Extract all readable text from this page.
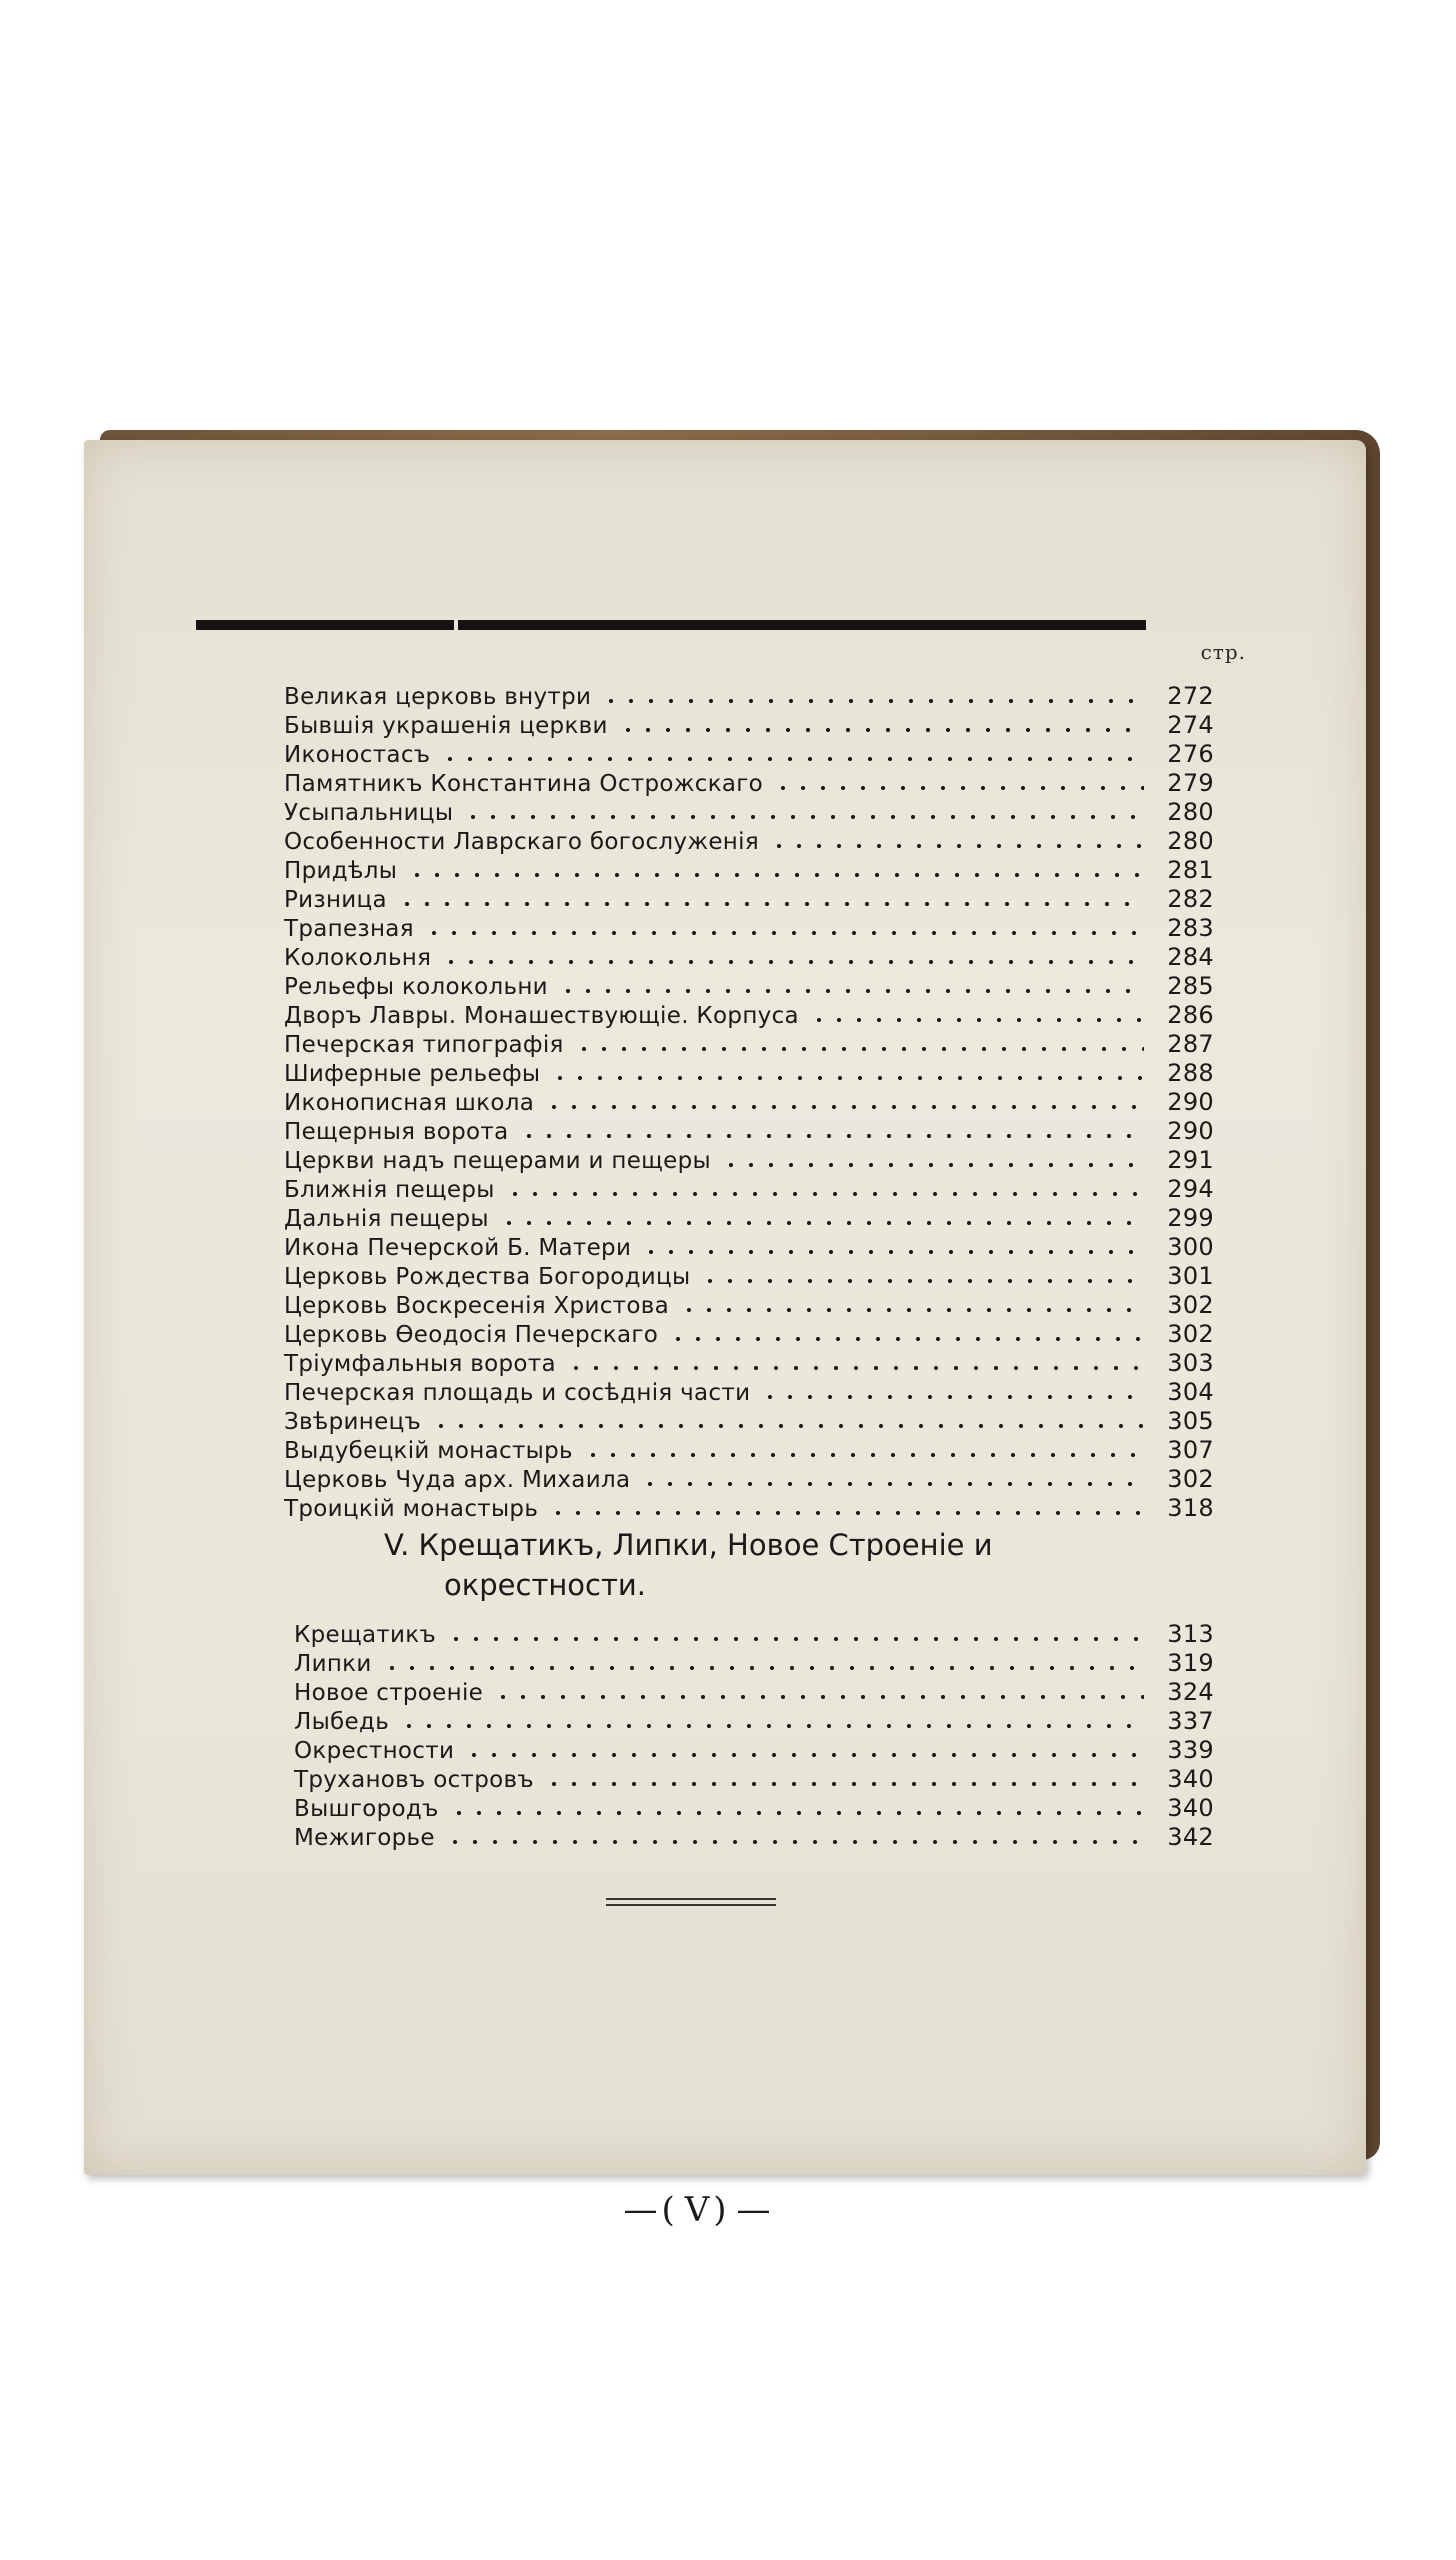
стр.
Великая церковь внутри	272
Бывшія украшенія церкви	274
Иконостасъ	276
Памятникъ Константина Острожскаго	279
Усыпальницы	280
Особенности Лаврскаго богослуженія	280
Придѣлы	281
Ризница	282
Трапезная	283
Колокольня	284
Рельефы колокольни	285
Дворъ Лавры. Монашествующіе. Корпуса	286
Печерская типографія	287
Шиферные рельефы	288
Иконописная школа	290
Пещерныя ворота	290
Церкви надъ пещерами и пещеры	291
Ближнія пещеры	294
Дальнія пещеры	299
Икона Печерской Б. Матери	300
Церковь Рождества Богородицы	301
Церковь Воскресенія Христова	302
Церковь Ѳеодосія Печерскаго	302
Тріумфальныя ворота	303
Печерская площадь и сосѣднія части	304
Звѣринецъ	305
Выдубецкій монастырь	307
Церковь Чуда арх. Михаила	302
Троицкій монастырь	318
V. Крещатикъ, Липки, Новое Строеніе и
окрестности.
Крещатикъ	313
Липки	319
Новое строеніе	324
Лыбедь	337
Окрестности	339
Трухановъ островъ	340
Вышгородъ	340
Межигорье	342
—(V)—
